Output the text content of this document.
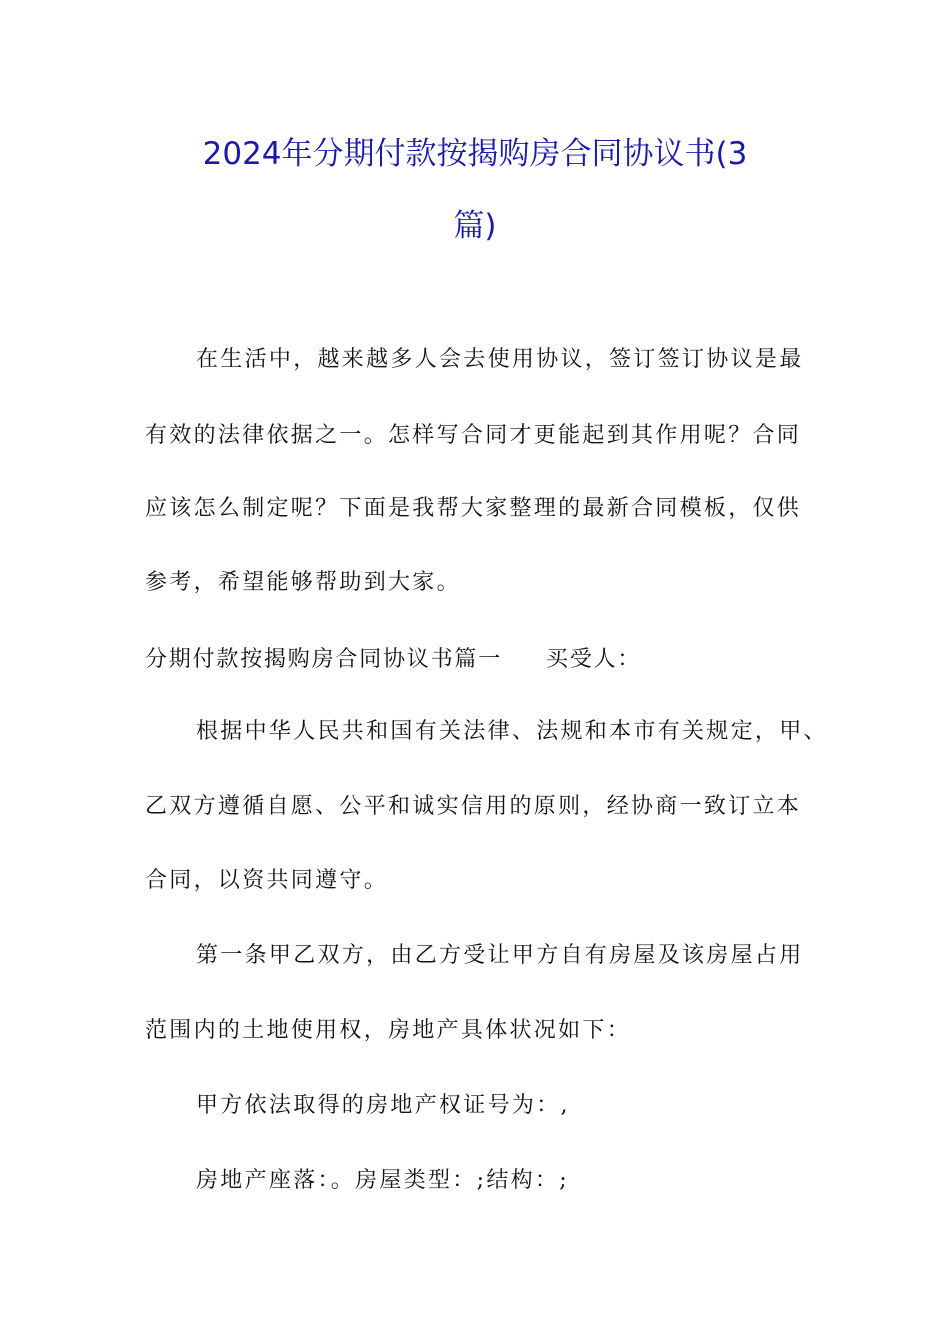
2024年分期付款按揭购房合同协议书(3
篇)
在生活中，越来越多人会去使用协议，签订签订协议是最
有效的法律依据之一。怎样写合同才更能起到其作用呢？合同
应该怎么制定呢？下面是我帮大家整理的最新合同模板，仅供
参考，希望能够帮助到大家。
分期付款按揭购房合同协议书篇一 买受人：
根据中华人民共和国有关法律、法规和本市有关规定，甲、
乙双方遵循自愿、公平和诚实信用的原则，经协商一致订立本
合同，以资共同遵守。
第一条甲乙双方，由乙方受让甲方自有房屋及该房屋占用
范围内的土地使用权，房地产具体状况如下：
甲方依法取得的房地产权证号为：,
房地产座落：。房屋类型：;结构：;
